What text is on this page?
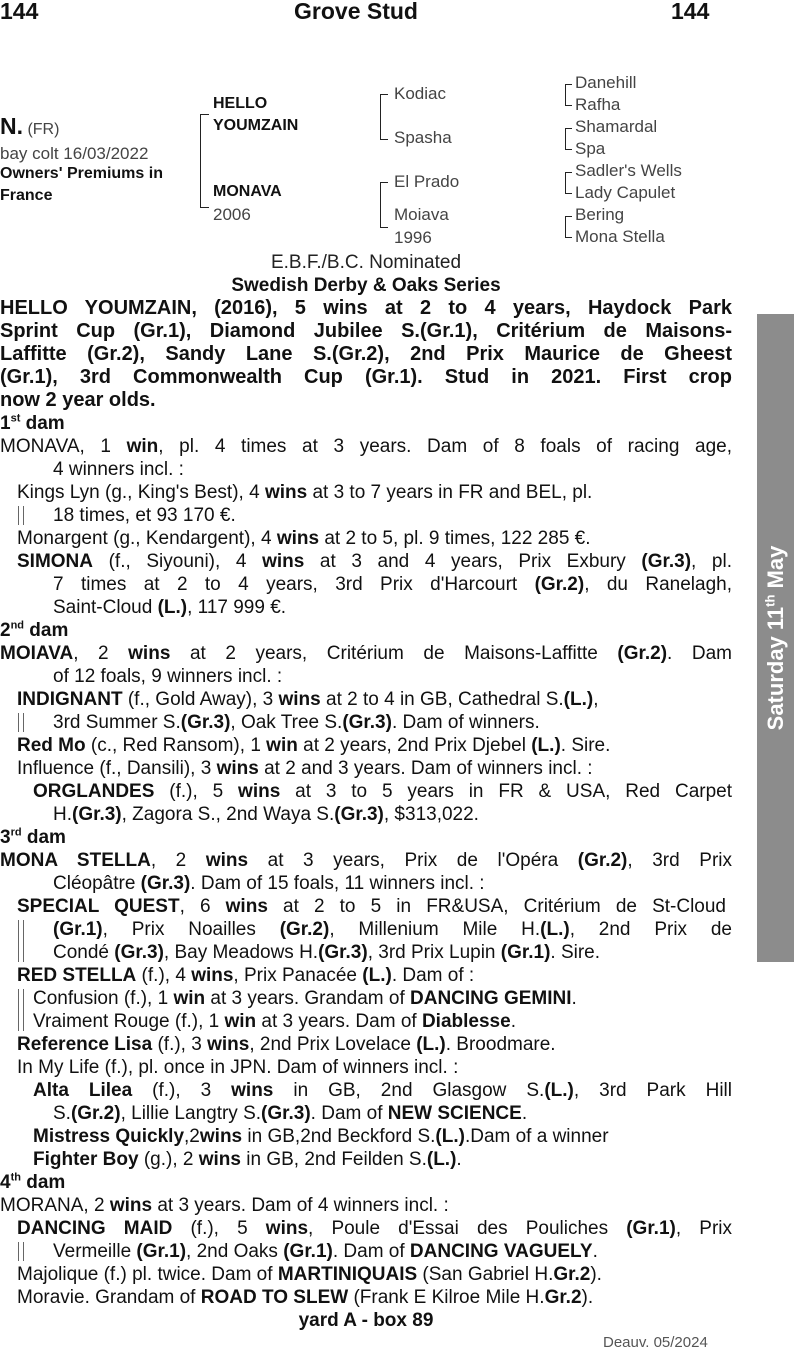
144	Grove Stud	144
N. (FR)
bay colt 16/03/2022
Owners' Premiums in
France
HELLO
YOUMZAIN
MONAVA
2006
Kodiac
Spasha
El Prado
Moiava
1996
Danehill
Rafha
Shamardal
Spa
Sadler's Wells
Lady Capulet
Bering
Mona Stella
E.B.F./B.C. Nominated
Swedish Derby & Oaks Series
HELLO YOUMZAIN, (2016), 5 wins at 2 to 4 years, Haydock Park
Sprint Cup (Gr.1), Diamond Jubilee S.(Gr.1), Critérium de Maisons-
Laffitte (Gr.2), Sandy Lane S.(Gr.2), 2nd Prix Maurice de Gheest
(Gr.1), 3rd Commonwealth Cup (Gr.1). Stud in 2021. First crop
now 2 year olds.
1st dam
MONAVA, 1 win, pl. 4 times at 3 years. Dam of 8 foals of racing age,
4 winners incl. :
Kings Lyn (g., King's Best), 4 wins at 3 to 7 years in FR and BEL, pl.
18 times, et 93 170 €.
Monargent (g., Kendargent), 4 wins at 2 to 5, pl. 9 times, 122 285 €.
SIMONA (f., Siyouni), 4 wins at 3 and 4 years, Prix Exbury (Gr.3), pl.
7 times at 2 to 4 years, 3rd Prix d'Harcourt (Gr.2), du Ranelagh,
Saint-Cloud (L.), 117 999 €.
2nd dam
MOIAVA, 2 wins at 2 years, Critérium de Maisons-Laffitte (Gr.2). Dam
of 12 foals, 9 winners incl. :
INDIGNANT (f., Gold Away), 3 wins at 2 to 4 in GB, Cathedral S.(L.),
3rd Summer S.(Gr.3), Oak Tree S.(Gr.3). Dam of winners.
Red Mo (c., Red Ransom), 1 win at 2 years, 2nd Prix Djebel (L.). Sire.
Influence (f., Dansili), 3 wins at 2 and 3 years. Dam of winners incl. :
ORGLANDES (f.), 5 wins at 3 to 5 years in FR & USA, Red Carpet
H.(Gr.3), Zagora S., 2nd Waya S.(Gr.3), $313,022.
3rd dam
MONA STELLA, 2 wins at 3 years, Prix de l'Opéra (Gr.2), 3rd Prix
Cléopâtre (Gr.3). Dam of 15 foals, 11 winners incl. :
SPECIAL QUEST, 6 wins at 2 to 5 in FR&USA, Critérium de St-Cloud
(Gr.1), Prix Noailles (Gr.2), Millenium Mile H.(L.), 2nd Prix de
Condé (Gr.3), Bay Meadows H.(Gr.3), 3rd Prix Lupin (Gr.1). Sire.
RED STELLA (f.), 4 wins, Prix Panacée (L.). Dam of :
Confusion (f.), 1 win at 3 years. Grandam of DANCING GEMINI.
Vraiment Rouge (f.), 1 win at 3 years. Dam of Diablesse.
Reference Lisa (f.), 3 wins, 2nd Prix Lovelace (L.). Broodmare.
In My Life (f.), pl. once in JPN. Dam of winners incl. :
Alta Lilea (f.), 3 wins in GB, 2nd Glasgow S.(L.), 3rd Park Hill
S.(Gr.2), Lillie Langtry S.(Gr.3). Dam of NEW SCIENCE.
Mistress Quickly,2wins in GB,2nd Beckford S.(L.).Dam of a winner
Fighter Boy (g.), 2 wins in GB, 2nd Feilden S.(L.).
4th dam
MORANA, 2 wins at 3 years. Dam of 4 winners incl. :
DANCING MAID (f.), 5 wins, Poule d'Essai des Pouliches (Gr.1), Prix
Vermeille (Gr.1), 2nd Oaks (Gr.1). Dam of DANCING VAGUELY.
Majolique (f.) pl. twice. Dam of MARTINIQUAIS (San Gabriel H.Gr.2).
Moravie. Grandam of ROAD TO SLEW (Frank E Kilroe Mile H.Gr.2).
yard A - box 89
Deauv. 05/2024
Saturday 11th May
